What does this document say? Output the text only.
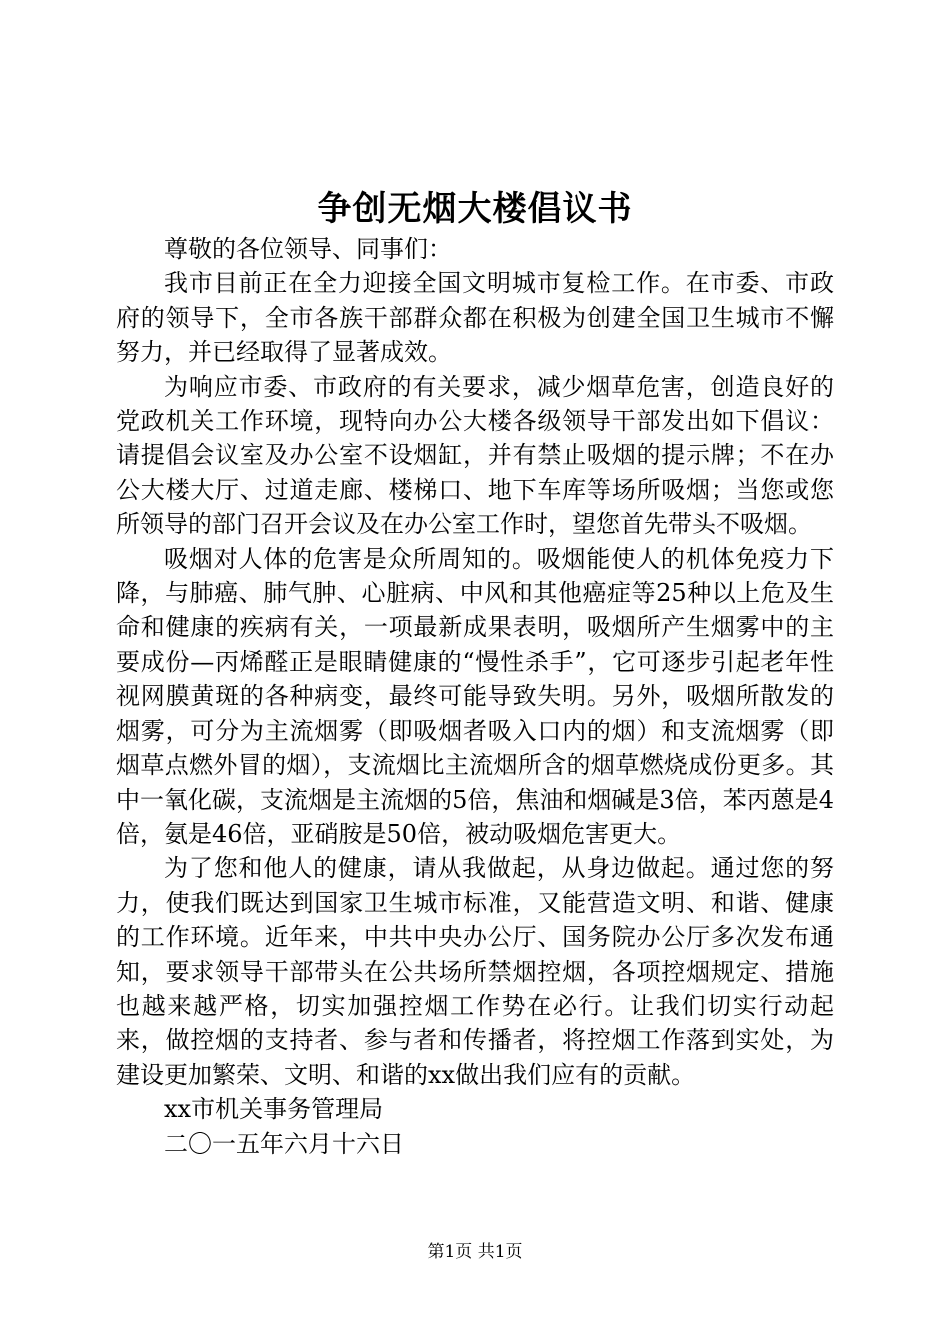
争创无烟大楼倡议书

尊敬的各位领导、同事们：

我市目前正在全力迎接全国文明城市复检工作。在市委、市政府的领导下，全市各族干部群众都在积极为创建全国卫生城市不懈努力，并已经取得了显著成效。

为响应市委、市政府的有关要求，减少烟草危害，创造良好的党政机关工作环境，现特向办公大楼各级领导干部发出如下倡议：请提倡会议室及办公室不设烟缸，并有禁止吸烟的提示牌；不在办公大楼大厅、过道走廊、楼梯口、地下车库等场所吸烟；当您或您所领导的部门召开会议及在办公室工作时，望您首先带头不吸烟。

吸烟对人体的危害是众所周知的。吸烟能使人的机体免疫力下降，与肺癌、肺气肿、心脏病、中风和其他癌症等25种以上危及生命和健康的疾病有关，一项最新成果表明，吸烟所产生烟雾中的主要成份—丙烯醛正是眼睛健康的“慢性杀手”，它可逐步引起老年性视网膜黄斑的各种病变，最终可能导致失明。另外，吸烟所散发的烟雾，可分为主流烟雾（即吸烟者吸入口内的烟）和支流烟雾（即烟草点燃外冒的烟），支流烟比主流烟所含的烟草燃烧成份更多。其中一氧化碳，支流烟是主流烟的5倍，焦油和烟碱是3倍，苯丙蒽是4倍，氨是46倍，亚硝胺是50倍，被动吸烟危害更大。

为了您和他人的健康，请从我做起，从身边做起。通过您的努力，使我们既达到国家卫生城市标准，又能营造文明、和谐、健康的工作环境。近年来，中共中央办公厅、国务院办公厅多次发布通知，要求领导干部带头在公共场所禁烟控烟，各项控烟规定、措施也越来越严格，切实加强控烟工作势在必行。让我们切实行动起来，做控烟的支持者、参与者和传播者，将控烟工作落到实处，为建设更加繁荣、文明、和谐的xx做出我们应有的贡献。

xx市机关事务管理局

二〇一五年六月十六日

第1页 共1页
